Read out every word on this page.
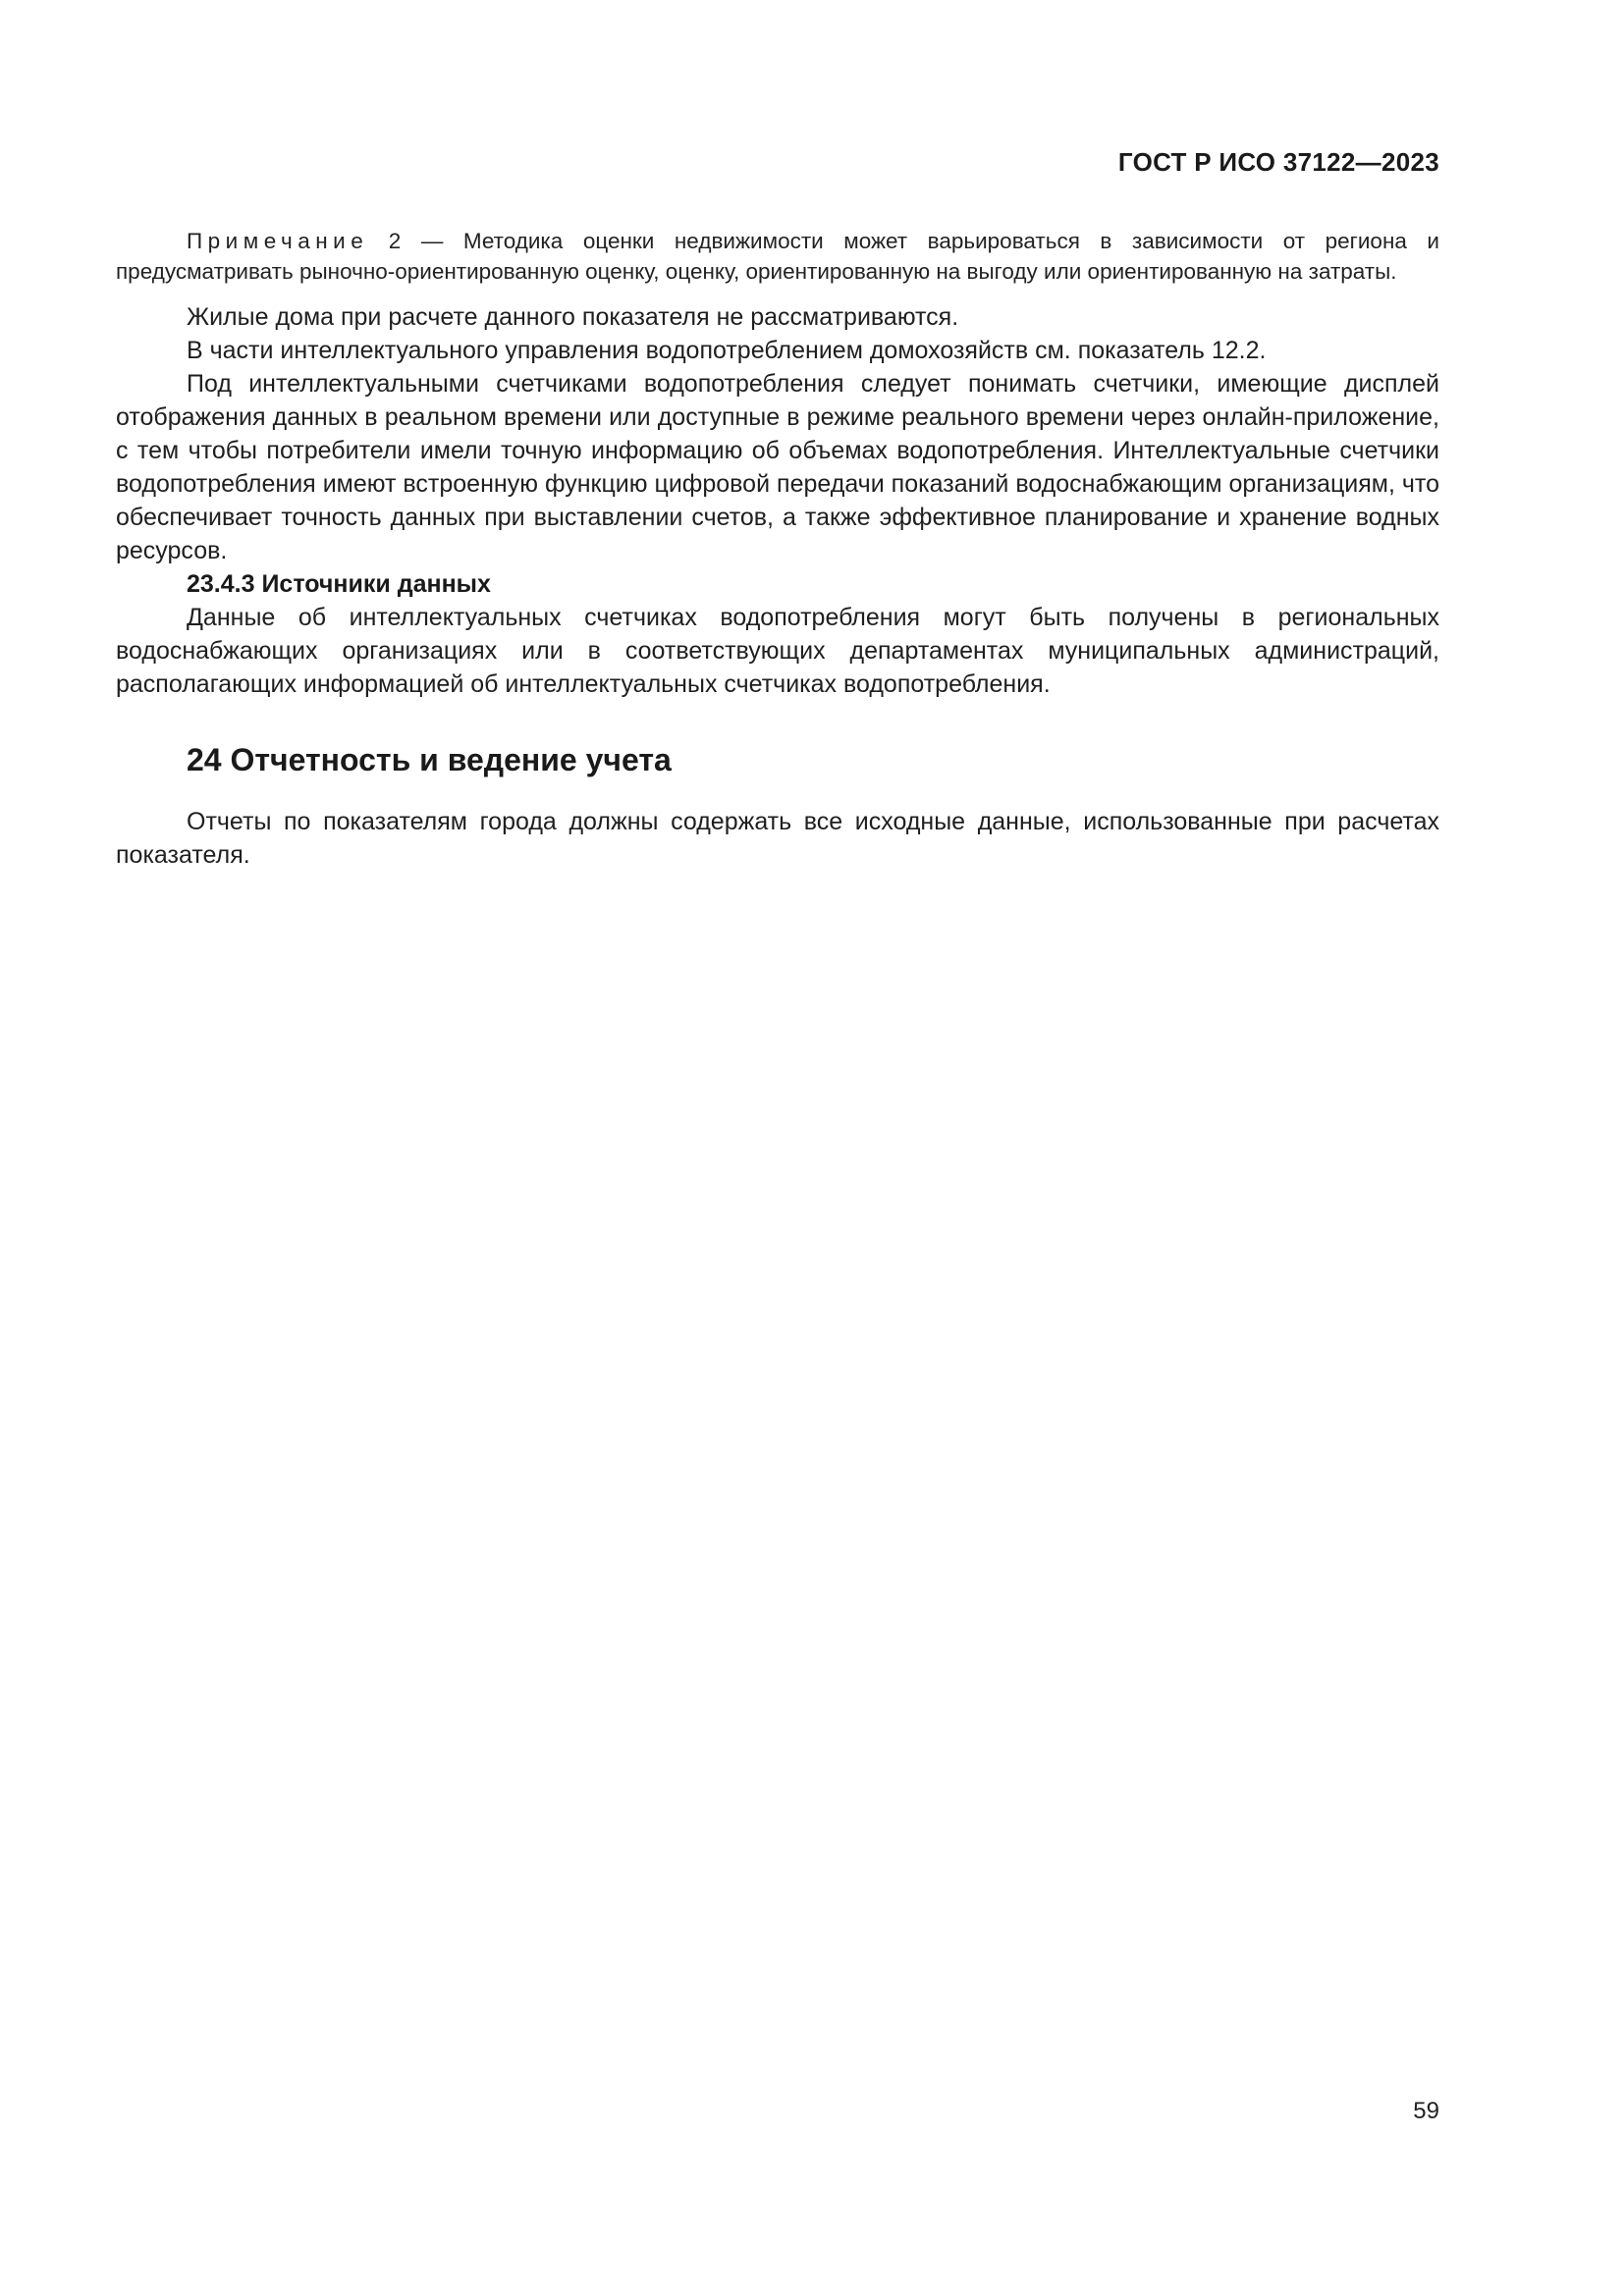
ГОСТ Р ИСО 37122—2023

Примечание 2 — Методика оценки недвижимости может варьироваться в зависимости от региона и предусматривать рыночно-ориентированную оценку, оценку, ориентированную на выгоду или ориентированную на затраты.

Жилые дома при расчете данного показателя не рассматриваются.

В части интеллектуального управления водопотреблением домохозяйств см. показатель 12.2.

Под интеллектуальными счетчиками водопотребления следует понимать счетчики, имеющие дисплей отображения данных в реальном времени или доступные в режиме реального времени через онлайн-приложение, с тем чтобы потребители имели точную информацию об объемах водопотребления. Интеллектуальные счетчики водопотребления имеют встроенную функцию цифровой передачи показаний водоснабжающим организациям, что обеспечивает точность данных при выставлении счетов, а также эффективное планирование и хранение водных ресурсов.

23.4.3 Источники данных

Данные об интеллектуальных счетчиках водопотребления могут быть получены в региональных водоснабжающих организациях или в соответствующих департаментах муниципальных администраций, располагающих информацией об интеллектуальных счетчиках водопотребления.

24 Отчетность и ведение учета

Отчеты по показателям города должны содержать все исходные данные, использованные при расчетах показателя.

59
